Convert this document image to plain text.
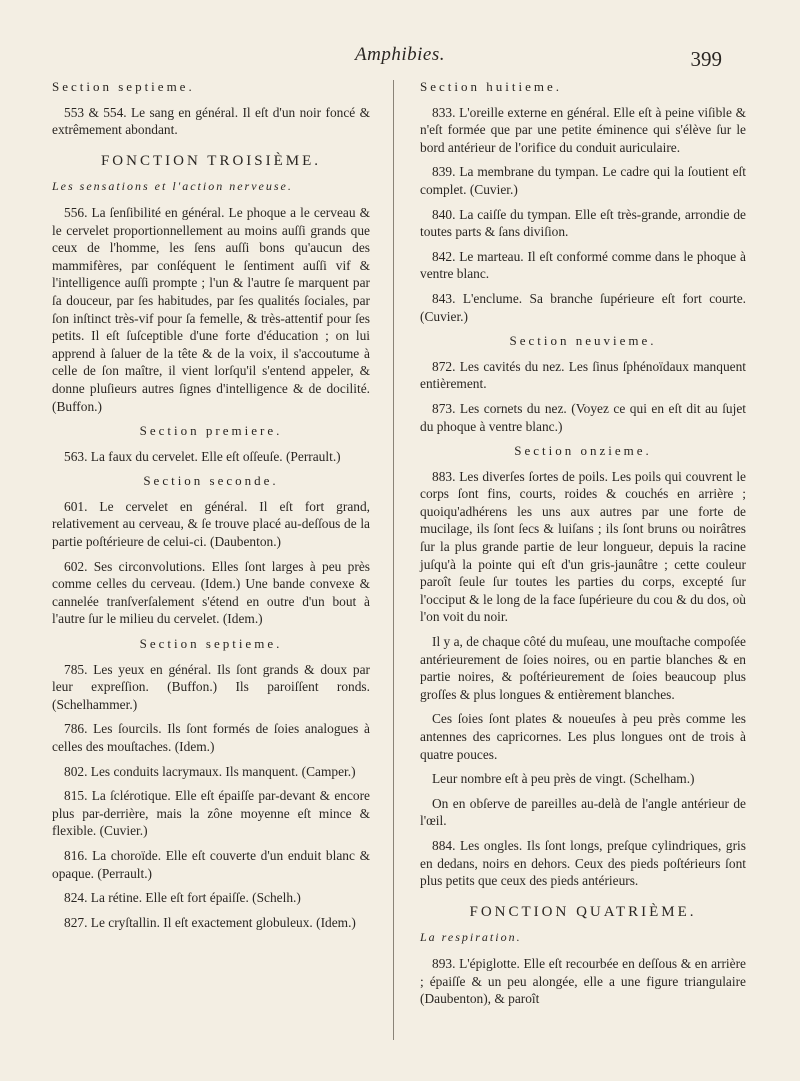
Amphibies.	399
Section septieme.

553 & 554. Le sang en général. Il eſt d'un noir foncé & extrêmement abondant.

FONCTION TROISIÈME.
Les sensations et l'action nerveuse.

556. La ſenſibilité en général. Le phoque a le cerveau & le cervelet proportionnellement au moins auſſi grands que ceux de l'homme, les ſens auſſi bons qu'aucun des mammifères, par conſéquent le ſentiment auſſi vif & l'intelligence auſſi prompte ; l'un & l'autre ſe marquent par ſa douceur, par ſes habitudes, par ſes qualités ſociales, par ſon inſtinct très-vif pour ſa femelle, & très-attentif pour ſes petits. Il eſt ſuſceptible d'une forte d'éducation ; on lui apprend à ſaluer de la tête & de la voix, il s'accoutume à celle de ſon maître, il vient lorſqu'il s'entend appeler, & donne pluſieurs autres ſignes d'intelligence & de docilité. (Buffon.)

Section premiere.

563. La faux du cervelet. Elle eſt oſſeuſe. (Perrault.)

Section seconde.

601. Le cervelet en général. Il eſt fort grand, relativement au cerveau, & ſe trouve placé au-deſſous de la partie poſtérieure de celui-ci. (Daubenton.)

602. Ses circonvolutions. Elles ſont larges à peu près comme celles du cerveau. (Idem.) Une bande convexe & cannelée tranſverſalement s'étend en outre d'un bout à l'autre ſur le milieu du cervelet. (Idem.)

Section septieme.

785. Les yeux en général. Ils ſont grands & doux par leur expreſſion. (Buffon.) Ils paroiſſent ronds. (Schelhammer.)

786. Les ſourcils. Ils ſont formés de ſoies analogues à celles des mouſtaches. (Idem.)

802. Les conduits lacrymaux. Ils manquent. (Camper.)

815. La ſclérotique. Elle eſt épaiſſe par-devant & encore plus par-derrière, mais la zône moyenne eſt mince & flexible. (Cuvier.)

816. La choroïde. Elle eſt couverte d'un enduit blanc & opaque. (Perrault.)

824. La rétine. Elle eſt fort épaiſſe. (Schelh.)

827. Le cryſtallin. Il eſt exactement globuleux. (Idem.)

Section huitieme.

833. L'oreille externe en général. Elle eſt à peine viſible & n'eſt formée que par une petite éminence qui s'élève ſur le bord antérieur de l'orifice du conduit auriculaire.

839. La membrane du tympan. Le cadre qui la ſoutient eſt complet. (Cuvier.)

840. La caiſſe du tympan. Elle eſt très-grande, arrondie de toutes parts & ſans diviſion.

842. Le marteau. Il eſt conformé comme dans le phoque à ventre blanc.

843. L'enclume. Sa branche ſupérieure eſt fort courte. (Cuvier.)

Section neuvieme.

872. Les cavités du nez. Les ſinus ſphénoïdaux manquent entièrement.

873. Les cornets du nez. (Voyez ce qui en eſt dit au ſujet du phoque à ventre blanc.)

Section onzieme.

883. Les diverſes ſortes de poils. Les poils qui couvrent le corps ſont fins, courts, roides & couchés en arrière ; quoiqu'adhérens les uns aux autres par une forte de mucilage, ils ſont ſecs & luiſans ; ils ſont bruns ou noirâtres ſur la plus grande partie de leur longueur, depuis la racine juſqu'à la pointe qui eſt d'un gris-jaunâtre ; cette couleur paroît ſeule ſur toutes les parties du corps, excepté ſur l'occiput & le long de la face ſupérieure du cou & du dos, où l'on voit du noir.

Il y a, de chaque côté du muſeau, une mouſtache compoſée antérieurement de ſoies noires, ou en partie blanches & en partie noires, & poſtérieurement de ſoies beaucoup plus groſſes & plus longues & entièrement blanches.

Ces ſoies ſont plates & noueuſes à peu près comme les antennes des capricornes. Les plus longues ont de trois à quatre pouces.

Leur nombre eſt à peu près de vingt. (Schelham.)

On en obſerve de pareilles au-delà de l'angle antérieur de l'œil.

884. Les ongles. Ils ſont longs, preſque cylindriques, gris en dedans, noirs en dehors. Ceux des pieds poſtérieurs ſont plus petits que ceux des pieds antérieurs.

FONCTION QUATRIÈME.
La respiration.

893. L'épiglotte. Elle eſt recourbée en deſſous & en arrière ; épaiſſe & un peu alongée, elle a une figure triangulaire (Daubenton), & paroît
